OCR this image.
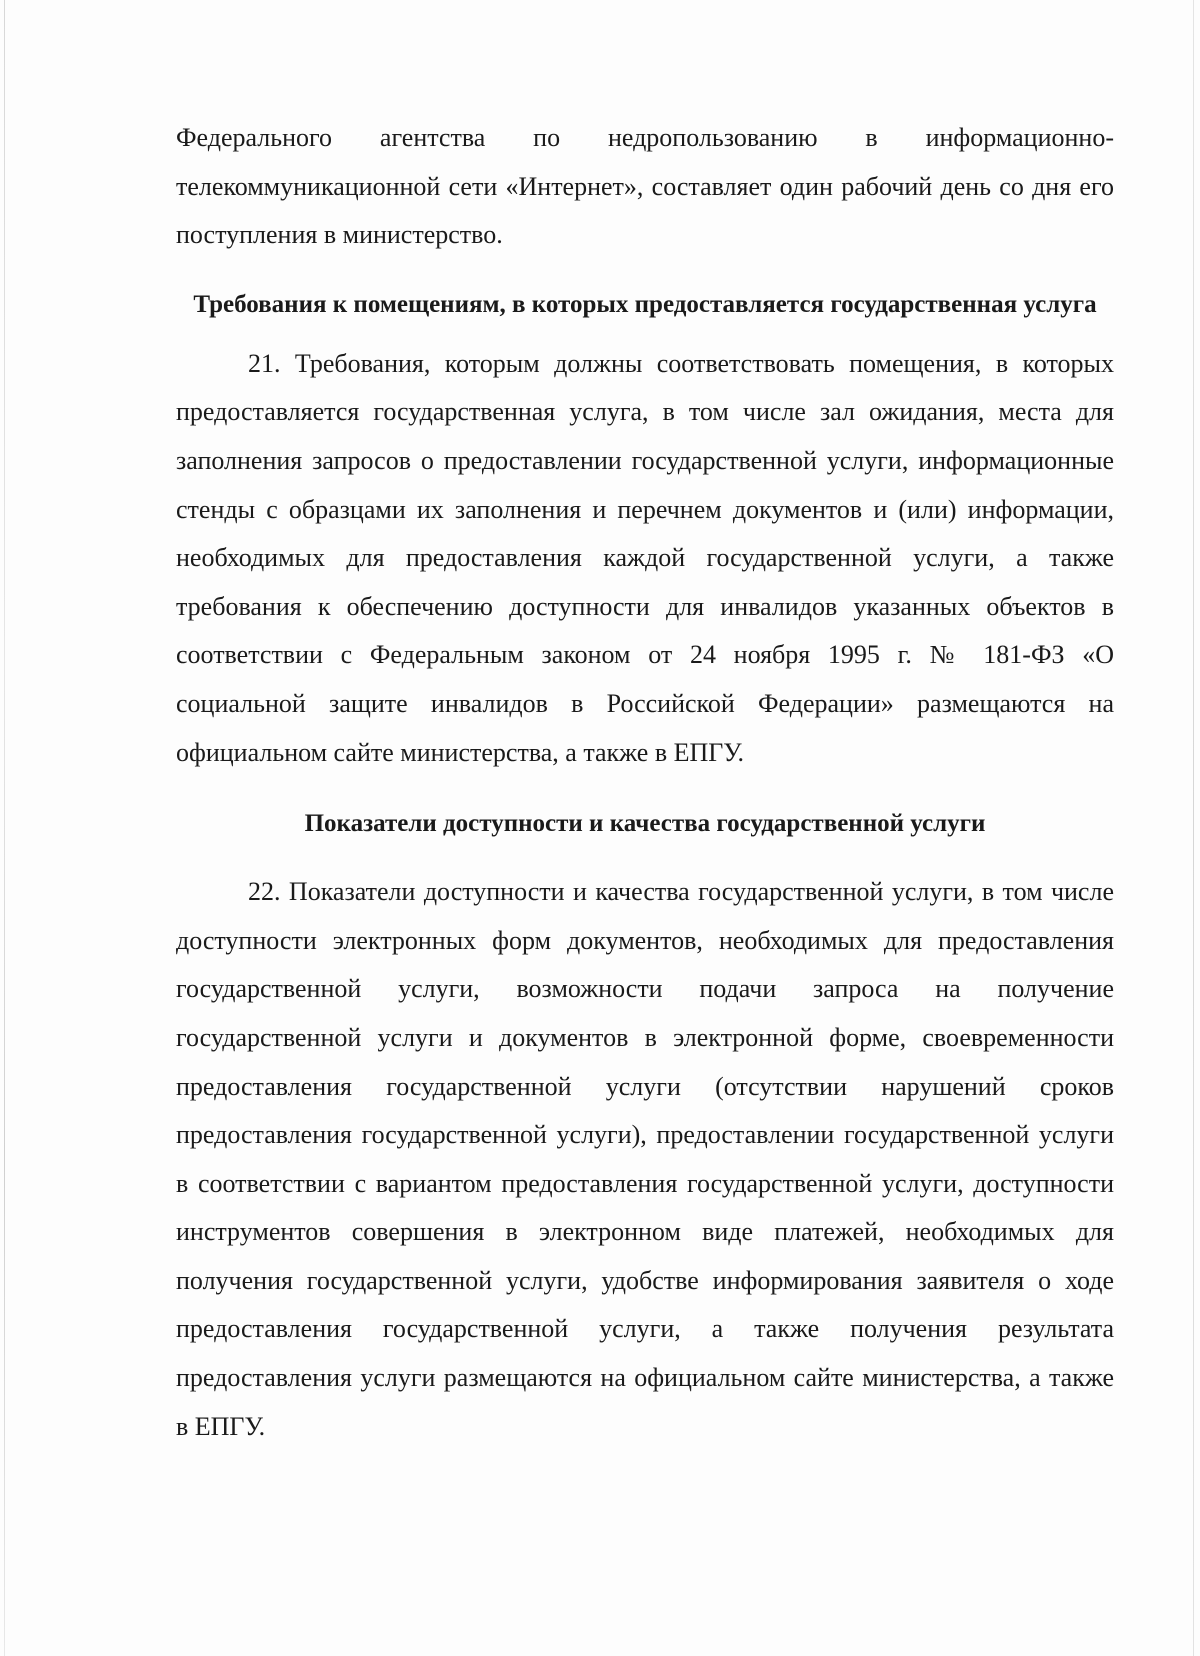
Федерального агентства по недропользованию в информационно-телекоммуникационной сети «Интернет», составляет один рабочий день со дня его поступления в министерство.

Требования к помещениям, в которых предоставляется государственная услуга

21. Требования, которым должны соответствовать помещения, в которых предоставляется государственная услуга, в том числе зал ожидания, места для заполнения запросов о предоставлении государственной услуги, информационные стенды с образцами их заполнения и перечнем документов и (или) информации, необходимых для предоставления каждой государственной услуги, а также требования к обеспечению доступности для инвалидов указанных объектов в соответствии с Федеральным законом от 24 ноября 1995 г. № 181-ФЗ «О социальной защите инвалидов в Российской Федерации» размещаются на официальном сайте министерства, а также в ЕПГУ.

Показатели доступности и качества государственной услуги

22. Показатели доступности и качества государственной услуги, в том числе доступности электронных форм документов, необходимых для предоставления государственной услуги, возможности подачи запроса на получение государственной услуги и документов в электронной форме, своевременности предоставления государственной услуги (отсутствии нарушений сроков предоставления государственной услуги), предоставлении государственной услуги в соответствии с вариантом предоставления государственной услуги, доступности инструментов совершения в электронном виде платежей, необходимых для получения государственной услуги, удобстве информирования заявителя о ходе предоставления государственной услуги, а также получения результата предоставления услуги размещаются на официальном сайте министерства, а также в ЕПГУ.
